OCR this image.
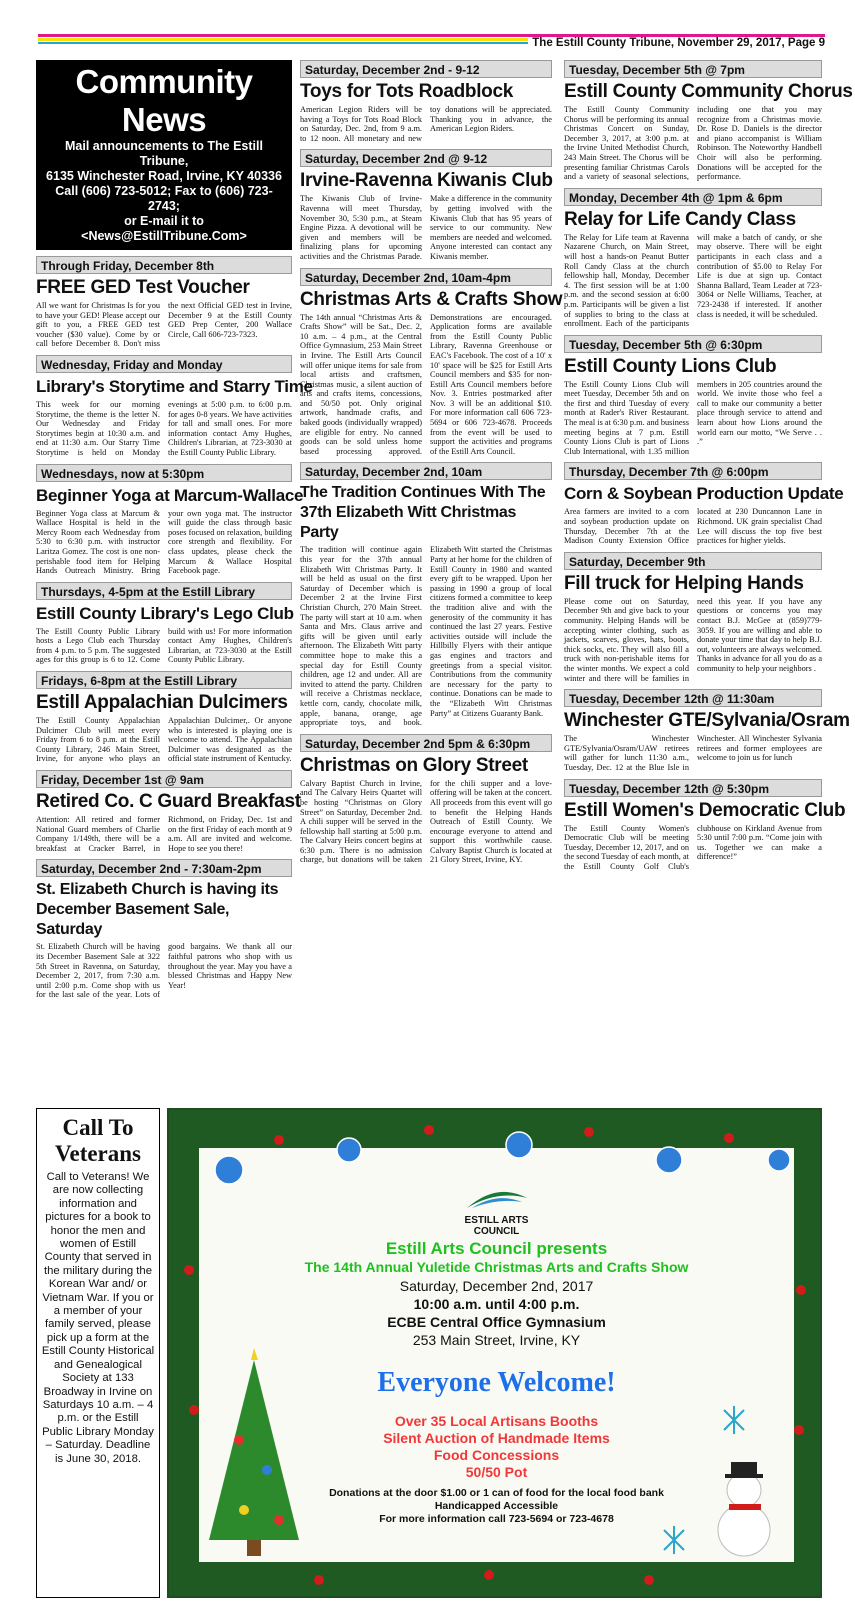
The Estill County Tribune, November 29, 2017, Page 9
Community News

Mail announcements to The Estill Tribune,

6135 Winchester Road, Irvine, KY 40336

Call (606) 723-5012; Fax to (606) 723-2743;

or E-mail it to <News@EstillTribune.Com>

Through Friday, December 8th
FREE GED Test Voucher
All we want for Christmas Is for you to have your GED! Please accept our gift to you, a FREE GED test voucher ($30 value). Come by or call before December 8. Don't miss the next Official GED test in Irvine, December 9 at the Estill County GED Prep Center, 200 Wallace Circle, Call 606-723-7323.
Wednesday, Friday and Monday
Library's Storytime and Starry Time
This week for our morning Storytime, the theme is the letter N. Our Wednesday and Friday Storytimes begin at 10:30 a.m. and end at 11:30 a.m. Our Starry Time Storytime is held on Monday evenings at 5:00 p.m. to 6:00 p.m. for ages 0-8 years. We have activities for tall and small ones. For more information contact Amy Hughes, Children's Librarian, at 723-3030 at the Estill County Public Library.
Wednesdays, now at 5:30pm
Beginner Yoga at Marcum-Wallace
Beginner Yoga class at Marcum & Wallace Hospital is held in the Mercy Room each Wednesday from 5:30 to 6:30 p.m. with instructor Laritza Gomez. The cost is one non-perishable food item for Helping Hands Outreach Ministry. Bring your own yoga mat. The instructor will guide the class through basic poses focused on relaxation, building core strength and flexibility. For class updates, please check the Marcum & Wallace Hospital Facebook page.
Thursdays, 4-5pm at the Estill Library
Estill County Library's Lego Club
The Estill County Public Library hosts a Lego Club each Thursday from 4 p.m. to 5 p.m. The suggested ages for this group is 6 to 12. Come build with us! For more information contact Amy Hughes, Children's Librarian, at 723-3030 at the Estill County Public Library.
Fridays, 6-8pm at the Estill Library
Estill Appalachian Dulcimers
The Estill County Appalachian Dulcimer Club will meet every Friday from 6 to 8 p.m. at the Estill County Library, 246 Main Street, Irvine, for anyone who plays an Appalachian Dulcimer,. Or anyone who is interested is playing one is welcome to attend. The Appalachian Dulcimer was designated as the official state instrument of Kentucky.
Friday, December 1st @ 9am
Retired Co. C Guard Breakfast
Attention: All retired and former National Guard members of Charlie Company 1/149th, there will be a breakfast at Cracker Barrel, in Richmond, on Friday, Dec. 1st and on the first Friday of each month at 9 a.m. All are invited and welcome. Hope to see you there!
Saturday, December 2nd - 7:30am-2pm
St. Elizabeth Church is having its December Basement Sale, Saturday
St. Elizabeth Church will be having its December Basement Sale at 322 5th Street in Ravenna, on Saturday, December 2, 2017, from 7:30 a.m. until 2:00 p.m. Come shop with us for the last sale of the year. Lots of good bargains. We thank all our faithful patrons who shop with us throughout the year. May you have a blessed Christmas and Happy New Year!
Saturday, December 2nd - 9-12
Toys for Tots Roadblock
American Legion Riders will be having a Toys for Tots Road Block on Saturday, Dec. 2nd, from 9 a.m. to 12 noon. All monetary and new toy donations will be appreciated. Thanking you in advance, the American Legion Riders.
Saturday, December 2nd @ 9-12
Irvine-Ravenna Kiwanis Club
The Kiwanis Club of Irvine-Ravenna will meet Thursday, November 30, 5:30 p.m., at Steam Engine Pizza. A devotional will be given and members will be finalizing plans for upcoming activities and the Christmas Parade. Make a difference in the community by getting involved with the Kiwanis Club that has 95 years of service to our community. New members are needed and welcomed. Anyone interested can contact any Kiwanis member.
Saturday, December 2nd, 10am-4pm
Christmas Arts & Crafts Show
The 14th annual “Christmas Arts & Crafts Show” will be Sat., Dec. 2, 10 a.m. – 4 p.m., at the Central Office Gymnasium, 253 Main Street in Irvine. The Estill Arts Council will offer unique items for sale from local artists and craftsmen, Christmas music, a silent auction of arts and crafts items, concessions, and 50/50 pot. Only original artwork, handmade crafts, and baked goods (individually wrapped) are eligible for entry. No canned goods can be sold unless home based processing approved. Demonstrations are encouraged. Application forms are available from the Estill County Public Library, Ravenna Greenhouse or EAC's Facebook. The cost of a 10' x 10' space will be $25 for Estill Arts Council members and $35 for non-Estill Arts Council members before Nov. 3. Entries postmarked after Nov. 3 will be an additional $10. For more information call 606 723-5694 or 606 723-4678. Proceeds from the event will be used to support the activities and programs of the Estill Arts Council.
Saturday, December 2nd, 10am
The Tradition Continues With The 37th Elizabeth Witt Christmas Party
The tradition will continue again this year for the 37th annual Elizabeth Witt Christmas Party. It will be held as usual on the first Saturday of December which is December 2 at the Irvine First Christian Church, 270 Main Street. The party will start at 10 a.m. when Santa and Mrs. Claus arrive and gifts will be given until early afternoon. The Elizabeth Witt party committee hope to make this a special day for Estill County children, age 12 and under. All are invited to attend the party. Children will receive a Christmas necklace, kettle corn, candy, chocolate milk, apple, banana, orange, age appropriate toys, and book. Elizabeth Witt started the Christmas Party at her home for the children of Estill County in 1980 and wanted every gift to be wrapped. Upon her passing in 1990 a group of local citizens formed a committee to keep the tradition alive and with the generosity of the community it has continued the last 27 years. Festive activities outside will include the Hillbilly Flyers with their antique gas engines and tractors and greetings from a special visitor. Contributions from the community are necessary for the party to continue. Donations can be made to the “Elizabeth Witt Christmas Party” at Citizens Guaranty Bank.
Saturday, December 2nd 5pm & 6:30pm
Christmas on Glory Street
Calvary Baptist Church in Irvine, and The Calvary Heirs Quartet will be hosting “Christmas on Glory Street” on Saturday, December 2nd. A chili supper will be served in the fellowship hall starting at 5:00 p.m. The Calvary Heirs concert begins at 6:30 p.m. There is no admission charge, but donations will be taken for the chili supper and a love-offering will be taken at the concert. All proceeds from this event will go to benefit the Helping Hands Outreach of Estill County. We encourage everyone to attend and support this worthwhile cause. Calvary Baptist Church is located at 21 Glory Street, Irvine, KY.
Tuesday, December 5th @ 7pm
Estill County Community Chorus
The Estill County Community Chorus will be performing its annual Christmas Concert on Sunday, December 3, 2017, at 3:00 p.m. at the Irvine United Methodist Church, 243 Main Street. The Chorus will be presenting familiar Christmas Carols and a variety of seasonal selections, including one that you may recognize from a Christmas movie. Dr. Rose D. Daniels is the director and piano accompanist is William Robinson. The Noteworthy Handbell Choir will also be performing. Donations will be accepted for the performance.
Monday, December 4th @ 1pm & 6pm
Relay for Life Candy Class
The Relay for Life team at Ravenna Nazarene Church, on Main Street, will host a hands-on Peanut Butter Roll Candy Class at the church fellowship hall, Monday, December 4. The first session will be at 1:00 p.m. and the second session at 6:00 p.m. Participants will be given a list of supplies to bring to the class at enrollment. Each of the participants will make a batch of candy, or she may observe. There will be eight participants in each class and a contribution of $5.00 to Relay For Life is due at sign up. Contact Shanna Ballard, Team Leader at 723-3064 or Nelle Williams, Teacher, at 723-2438 if interested. If another class is needed, it will be scheduled.
Tuesday, December 5th @ 6:30pm
Estill County Lions Club
The Estill County Lions Club will meet Tuesday, December 5th and on the first and third Tuesday of every month at Rader's River Restaurant. The meal is at 6:30 p.m. and business meeting begins at 7 p.m. Estill County Lions Club is part of Lions Club International, with 1.35 million members in 205 countries around the world. We invite those who feel a call to make our community a better place through service to attend and learn about how Lions around the world earn our motto, “We Serve . . .”
Thursday, December 7th @ 6:00pm
Corn & Soybean Production Update
Area farmers are invited to a corn and soybean production update on Thursday, December 7th at the Madison County Extension Office located at 230 Duncannon Lane in Richmond. UK grain specialist Chad Lee will discuss the top five best practices for higher yields.
Saturday, December 9th
Fill truck for Helping Hands
Please come out on Saturday, December 9th and give back to your community. Helping Hands will be accepting winter clothing, such as jackets, scarves, gloves, hats, boots, thick socks, etc. They will also fill a truck with non-perishable items for the winter months. We expect a cold winter and there will be families in need this year. If you have any questions or concerns you may contact B.J. McGee at (859)779-3059. If you are willing and able to donate your time that day to help B.J. out, volunteers are always welcomed. Thanks in advance for all you do as a community to help your neighbors .
Tuesday, December 12th @ 11:30am
Winchester GTE/Sylvania/Osram
The Winchester GTE/Sylvania/Osram/UAW retirees will gather for lunch 11:30 a.m., Tuesday, Dec. 12 at the Blue Isle in Winchester. All Winchester Sylvania retirees and former employees are welcome to join us for lunch
Tuesday, December 12th @ 5:30pm
Estill Women's Democratic Club
The Estill County Women's Democratic Club will be meeting Tuesday, December 12, 2017, and on the second Tuesday of each month, at the Estill County Golf Club's clubhouse on Kirkland Avenue from 5:30 until 7:00 p.m. “Come join with us. Together we can make a difference!”
Call To Veterans

Call to Veterans! We are now collecting information and pictures for a book to honor the men and women of Estill County that served in the military during the Korean War and/ or Vietnam War. If you or a member of your family served, please pick up a form at the Estill County Historical and Genealogical Society at 133 Broadway in Irvine on Saturdays 10 a.m. – 4 p.m. or the Estill Public Library Monday – Saturday. Deadline is June 30, 2018.

ESTILL ARTS
COUNCIL
Estill Arts Council presents
The 14th Annual Yuletide Christmas Arts and Crafts Show
Saturday, December 2nd, 2017
10:00 a.m. until 4:00 p.m.
ECBE Central Office Gymnasium
253 Main Street, Irvine, KY
Everyone Welcome!
Over 35 Local Artisans Booths
Silent Auction of Handmade Items
Food Concessions
50/50 Pot
Donations at the door $1.00 or 1 can of food for the local food bank
Handicapped Accessible
For more information call 723-5694 or 723-4678
